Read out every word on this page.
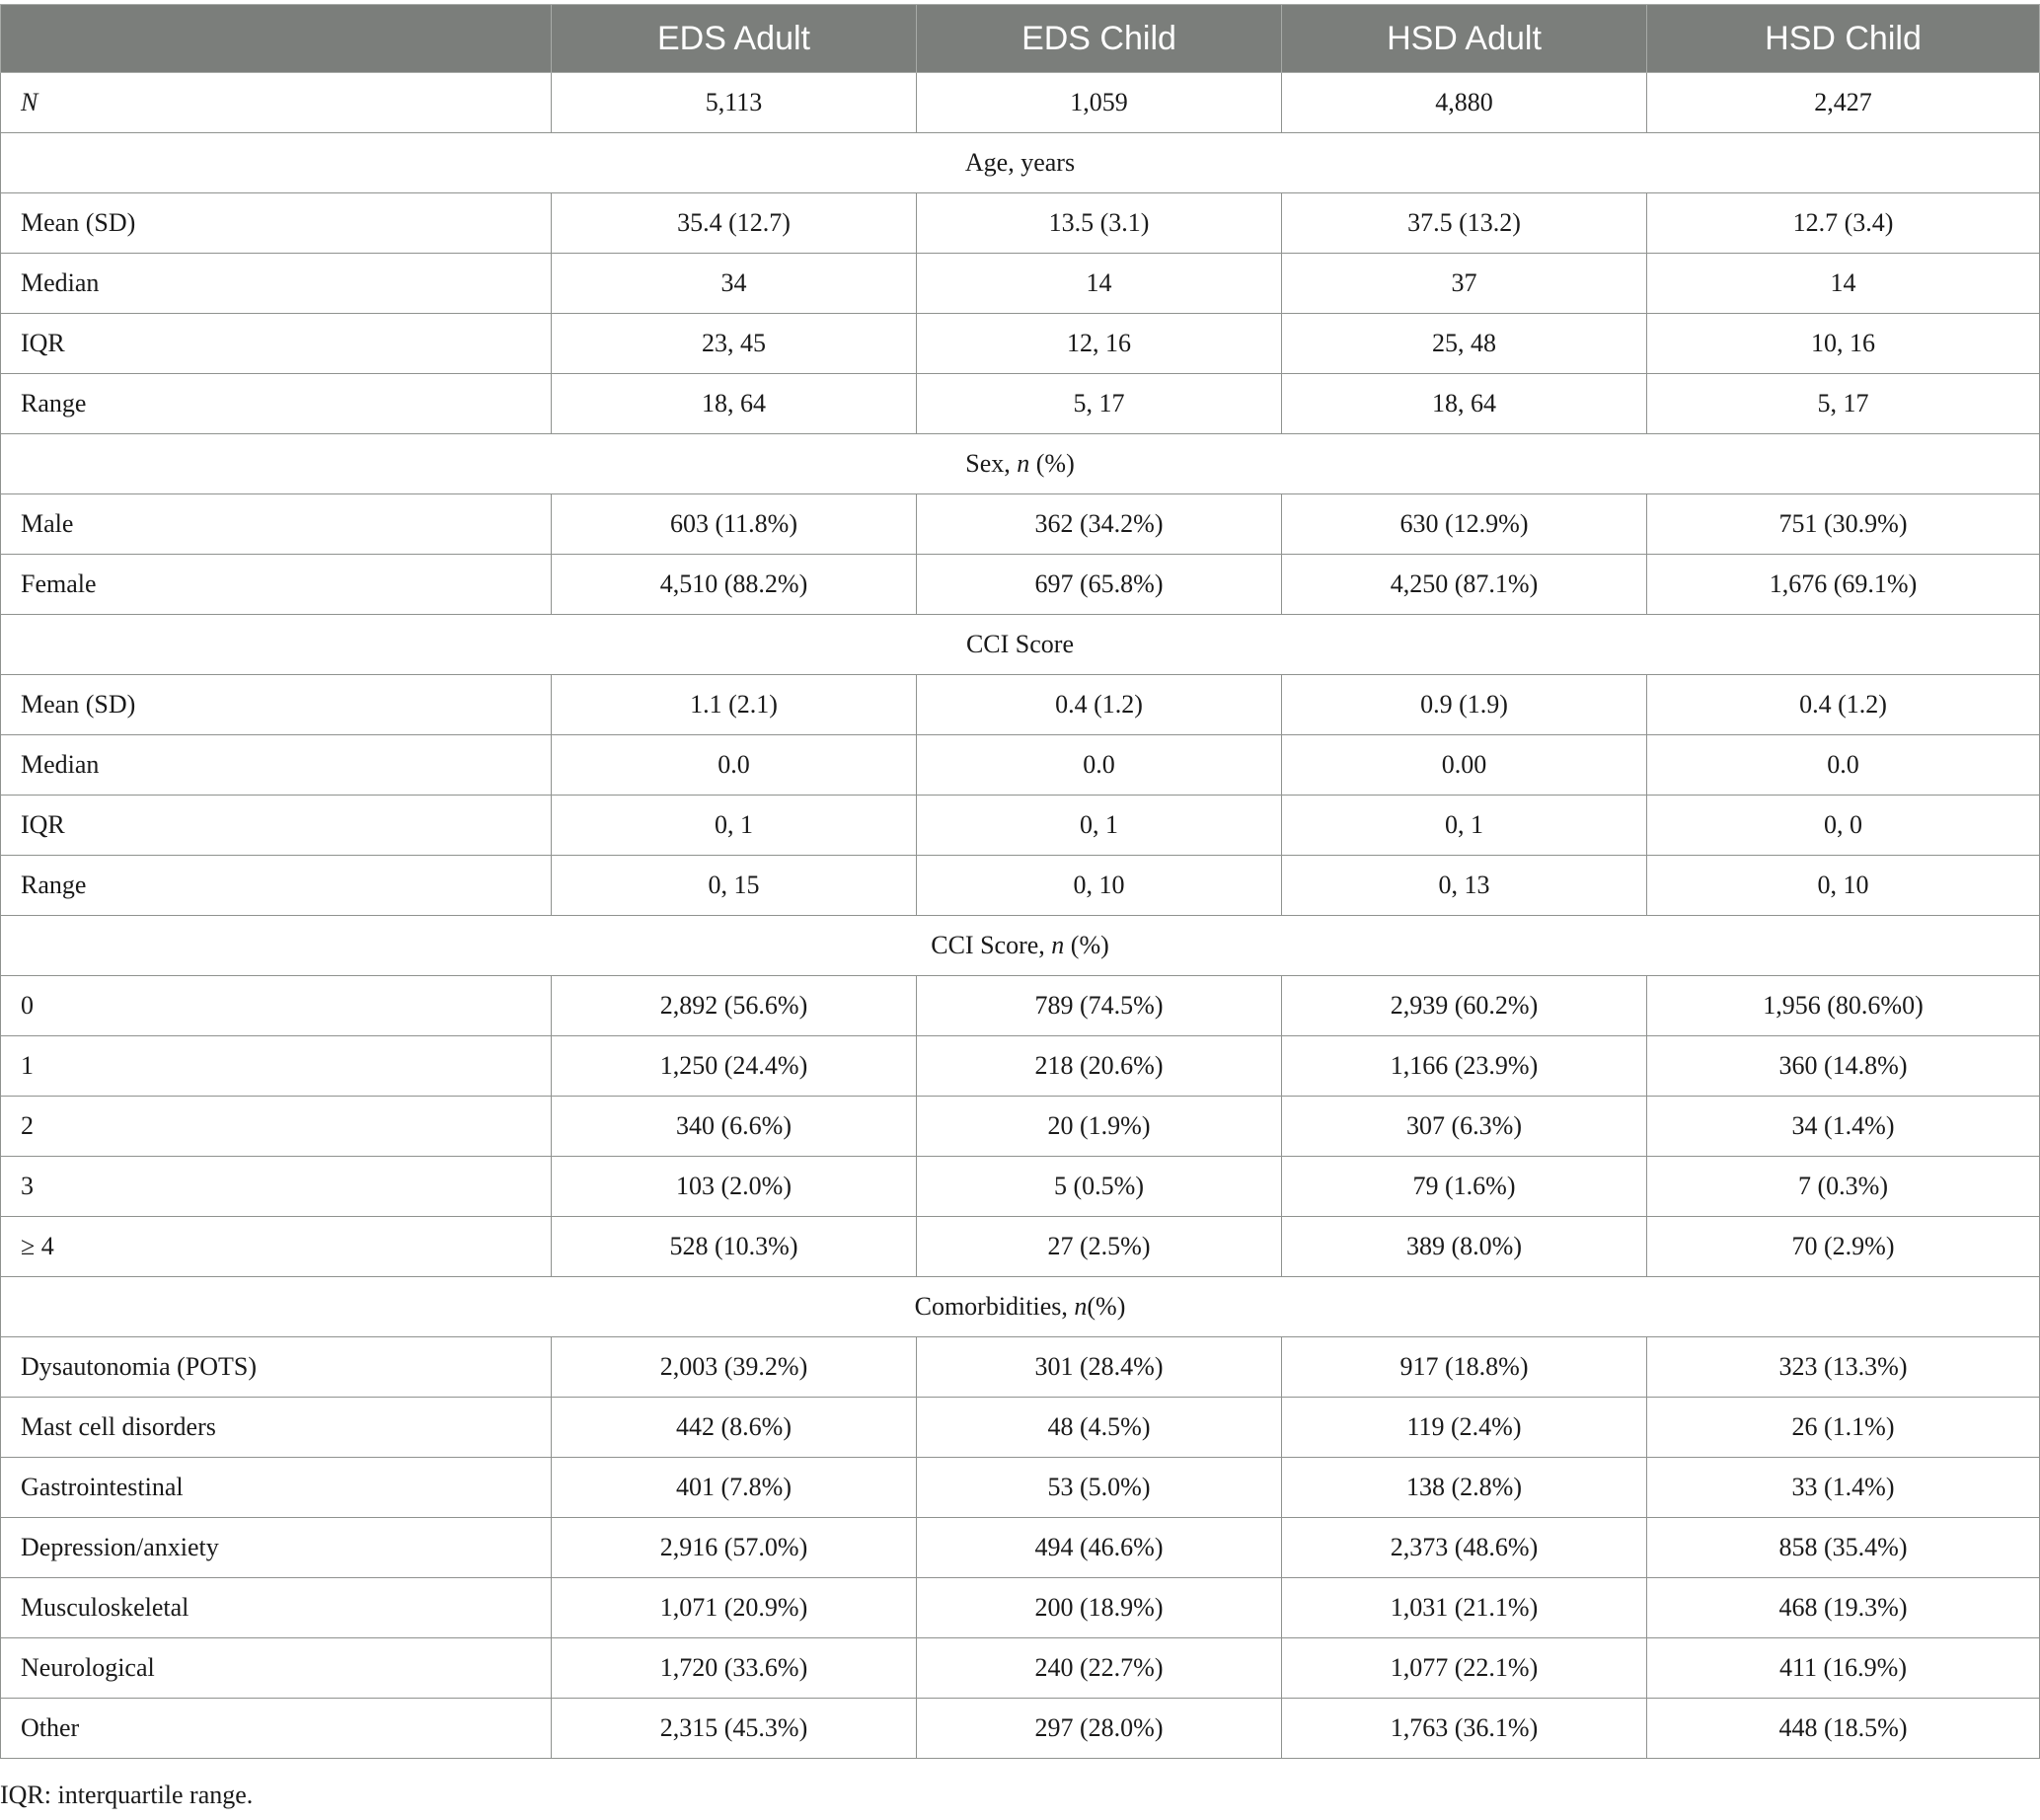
	EDS Adult	EDS Child	HSD Adult	HSD Child
N	5,113	1,059	4,880	2,427
Age, years				
Mean (SD)	35.4 (12.7)	13.5 (3.1)	37.5 (13.2)	12.7 (3.4)
Median	34	14	37	14
IQR	23, 45	12, 16	25, 48	10, 16
Range	18, 64	5, 17	18, 64	5, 17
Sex, n (%)				
Male	603 (11.8%)	362 (34.2%)	630 (12.9%)	751 (30.9%)
Female	4,510 (88.2%)	697 (65.8%)	4,250 (87.1%)	1,676 (69.1%)
CCI Score				
Mean (SD)	1.1 (2.1)	0.4 (1.2)	0.9 (1.9)	0.4 (1.2)
Median	0.0	0.0	0.00	0.0
IQR	0, 1	0, 1	0, 1	0, 0
Range	0, 15	0, 10	0, 13	0, 10
CCI Score, n (%)				
0	2,892 (56.6%)	789 (74.5%)	2,939 (60.2%)	1,956 (80.6%0)
1	1,250 (24.4%)	218 (20.6%)	1,166 (23.9%)	360 (14.8%)
2	340 (6.6%)	20 (1.9%)	307 (6.3%)	34 (1.4%)
3	103 (2.0%)	5 (0.5%)	79 (1.6%)	7 (0.3%)
≥ 4	528 (10.3%)	27 (2.5%)	389 (8.0%)	70 (2.9%)
Comorbidities, n(%)				
Dysautonomia (POTS)	2,003 (39.2%)	301 (28.4%)	917 (18.8%)	323 (13.3%)
Mast cell disorders	442 (8.6%)	48 (4.5%)	119 (2.4%)	26 (1.1%)
Gastrointestinal	401 (7.8%)	53 (5.0%)	138 (2.8%)	33 (1.4%)
Depression/anxiety	2,916 (57.0%)	494 (46.6%)	2,373 (48.6%)	858 (35.4%)
Musculoskeletal	1,071 (20.9%)	200 (18.9%)	1,031 (21.1%)	468 (19.3%)
Neurological	1,720 (33.6%)	240 (22.7%)	1,077 (22.1%)	411 (16.9%)
Other	2,315 (45.3%)	297 (28.0%)	1,763 (36.1%)	448 (18.5%)

IQR: interquartile range.
